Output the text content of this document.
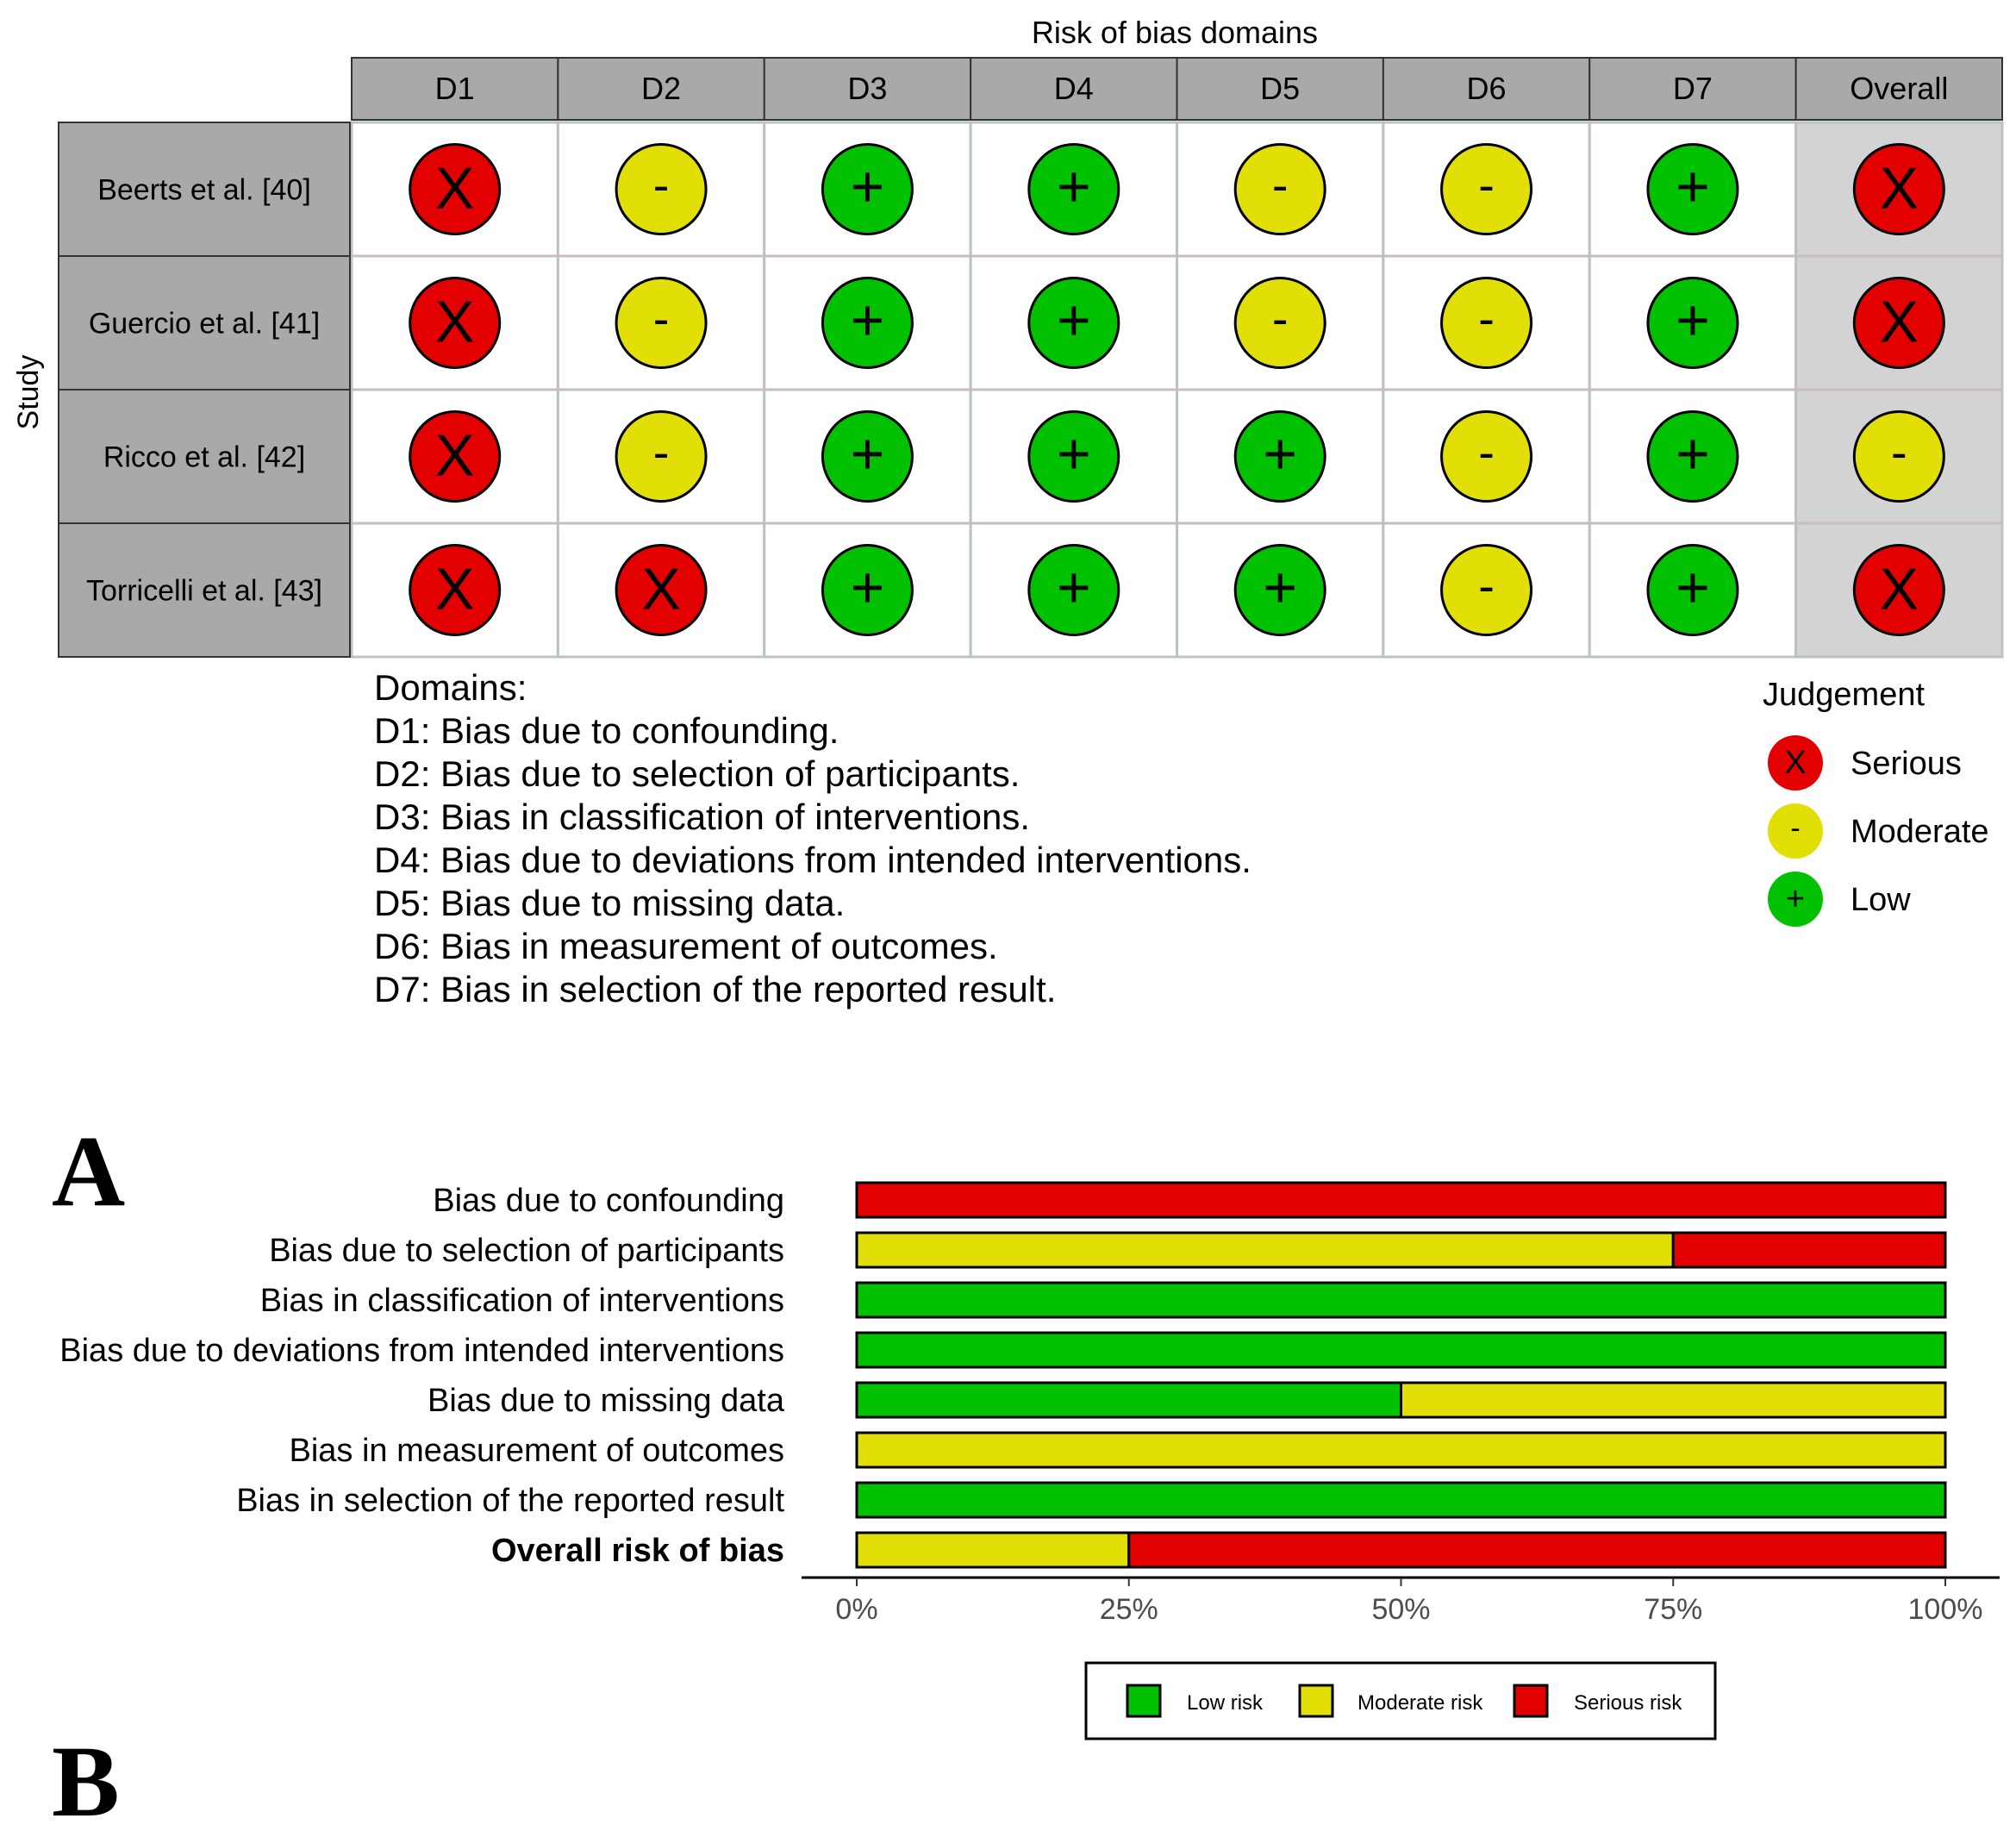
Risk of bias domains
Study
D1	D2	D3	D4	D5	D6	D7	Overall
Beerts et al. [40] X	-	+	+	-	-	+	X
Guercio et al. [41] X	-	+	+	-	-	+	X
Ricco et al. [42] X	-	+	+	+	-	+	-
Torricelli et al. [43] X	X	+	+	+	-	+	X
Domains:
D1: Bias due to confounding.
D2: Bias due to selection of participants.
D3: Bias in classification of interventions.
D4: Bias due to deviations from intended interventions.
D5: Bias due to missing data.
D6: Bias in measurement of outcomes.
D7: Bias in selection of the reported result.
Judgement
X Serious
- Moderate
+ Low
A	Bias due to confounding
Bias due to selection of participants
Bias in classification of interventions
Bias due to deviations from intended interventions
Bias due to missing data
Bias in measurement of outcomes
Bias in selection of the reported result
Overall risk of bias
0%	25%	50%	75%	100%
Low risk	Moderate risk	Serious risk
B
